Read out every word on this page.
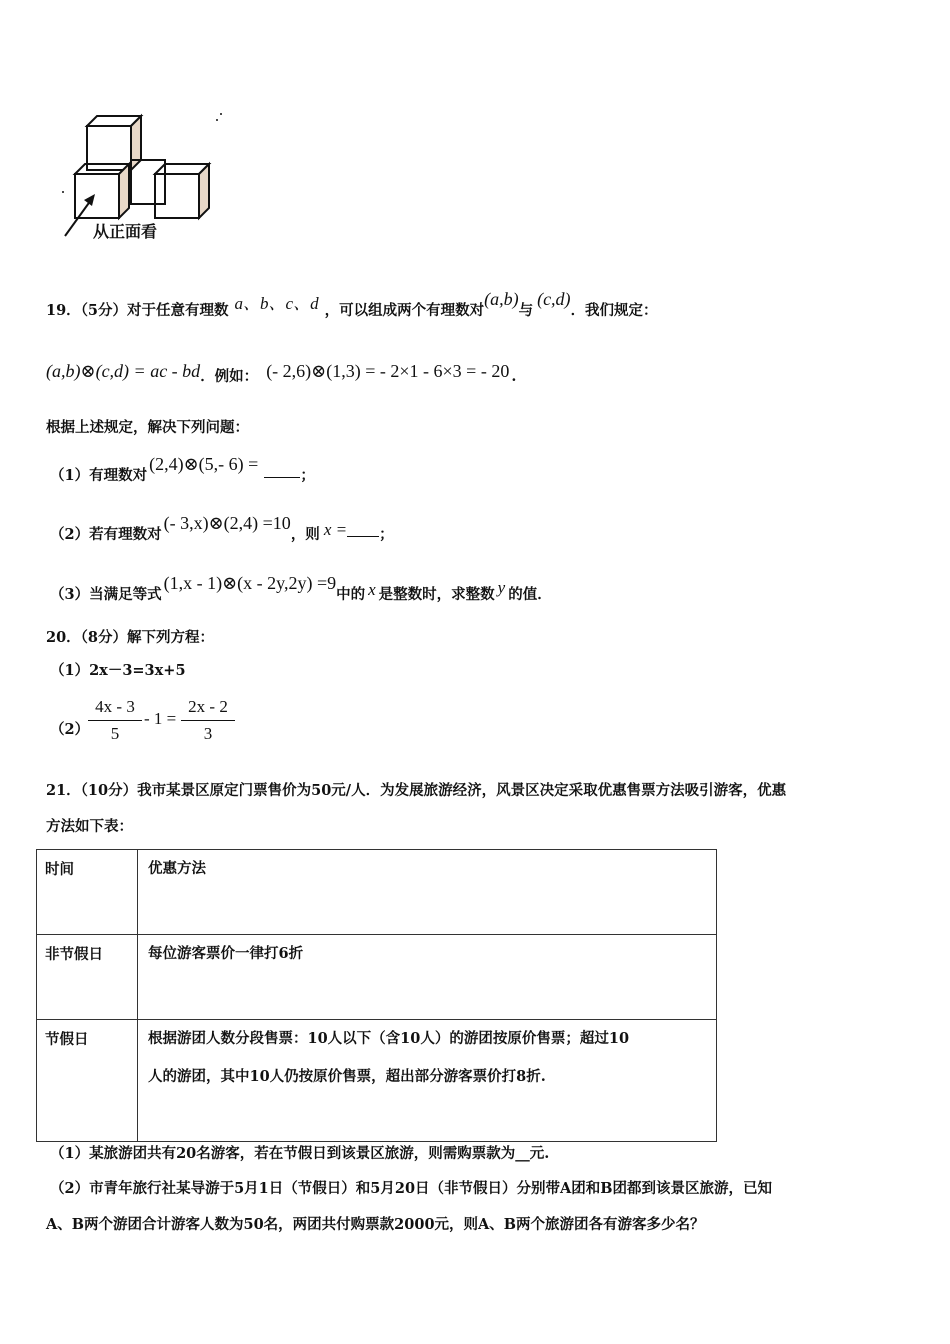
从正面看
19．（5分）对于任意有理数 a、b、c、d ，可以组成两个有理数对(a,b)与(c,d)．我们规定：
(a,b)⊗(c,d) = ac - bd．例如： (- 2,6)⊗(1,3) = - 2×1 - 6×3 = - 20 .
根据上述规定，解决下列问题：
（1）有理数对(2,4)⊗(5,- 6) =；
（2）若有理数对(- 3,x)⊗(2,4) =10，则 x = ；
（3）当满足等式(1,x - 1)⊗(x - 2y,2y) =9中的 x 是整数时，求整数 y 的值．
20．（8分）解下列方程：
（1）2x－3=3x+5
（2）
4x - 3
5
- 1 =
2x - 2
3
21．（10分）我市某景区原定门票售价为50元/人．为发展旅游经济，风景区决定采取优惠售票方法吸引游客，优惠
方法如下表：
时间	优惠方法

非节假日	每位游客票价一律打6折

节假日	根据游团人数分段售票：10人以下（含10人）的游团按原价售票；超过10
人的游团，其中10人仍按原价售票，超出部分游客票价打8折.
（1）某旅游团共有20名游客，若在节假日到该景区旅游，则需购票款为__元.
（2）市青年旅行社某导游于5月1日（节假日）和5月20日（非节假日）分别带A团和B团都到该景区旅游，已知
A、B两个游团合计游客人数为50名，两团共付购票款2000元，则A、B两个旅游团各有游客多少名？
